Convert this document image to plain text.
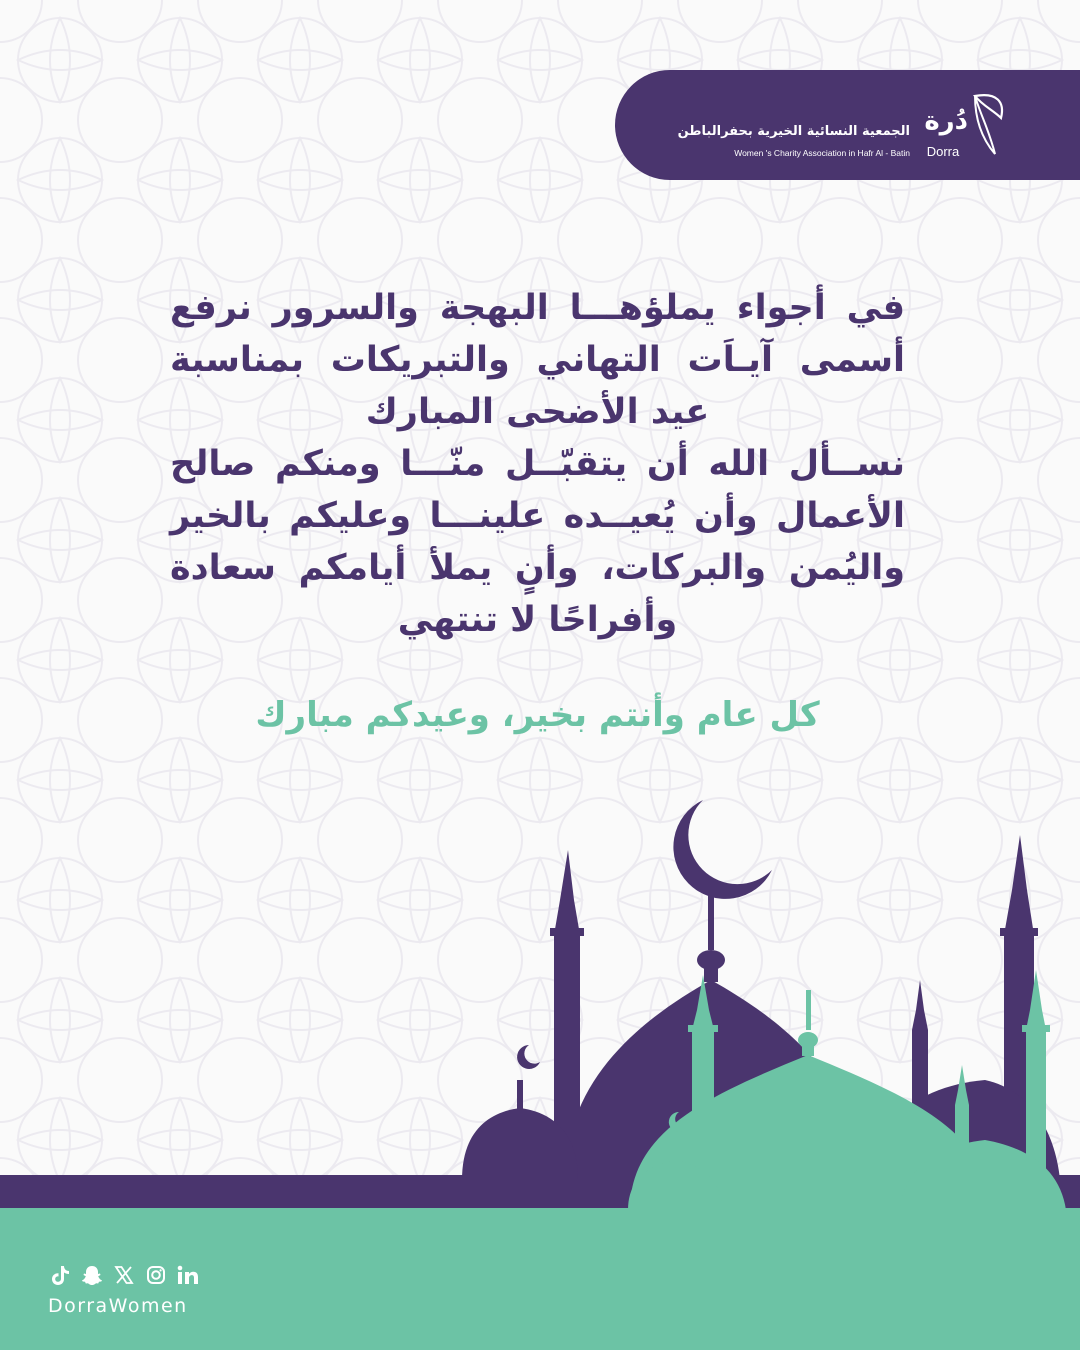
دُرة
Dorra
الجمعية النسائية الخيرية بحفرالباطن
Women 's Charity Association in Hafr Al - Batin
في أجواء يملؤهـــا البهجة والسرور نرفع
أسمى آيـاَت التهاني والتبريكات بمناسبة
عيد الأضحى المبارك
نســأل الله أن يتقبّــل منّـــا ومنكم صالح
الأعمال وأن يُعيــده علينـــا وعليكم بالخير
واليُمن والبركات، وأنٍ يملأ أيامكم سعادة
وأفراحًا لا تنتهي
كل عام وأنتم بخير، وعيدكم مبارك
DorraWomen
